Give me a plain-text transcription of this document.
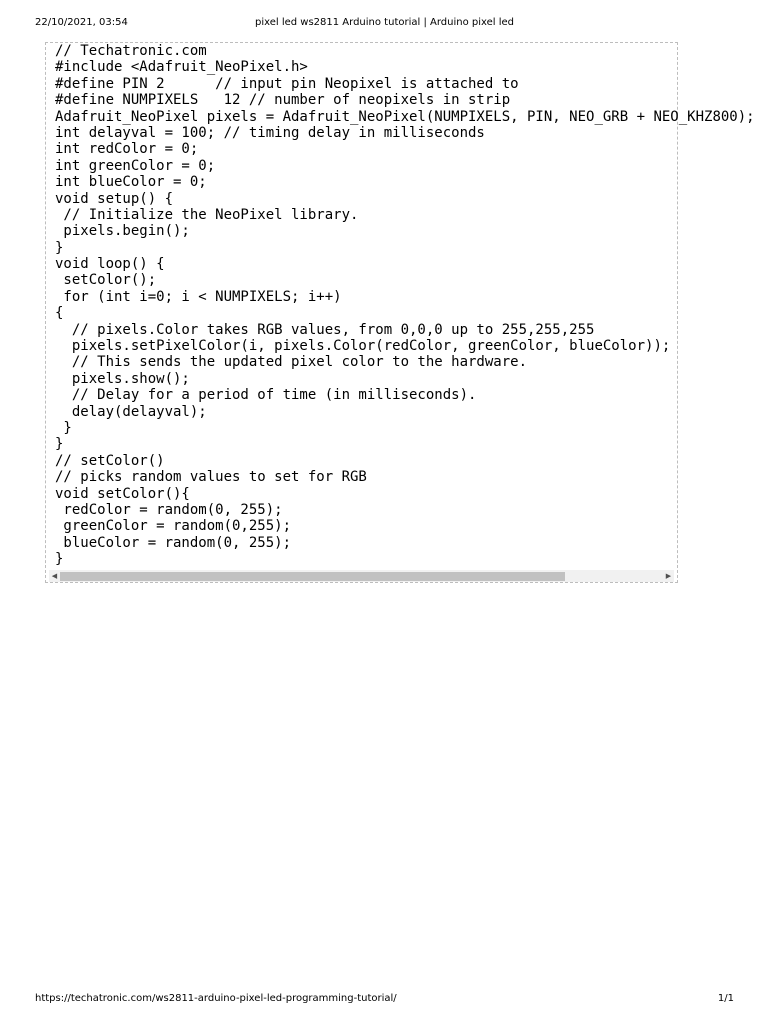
22/10/2021, 03:54	pixel led ws2811 Arduino tutorial | Arduino pixel led
// Techatronic.com
#include <Adafruit_NeoPixel.h>
#define PIN 2      // input pin Neopixel is attached to
#define NUMPIXELS   12 // number of neopixels in strip
Adafruit_NeoPixel pixels = Adafruit_NeoPixel(NUMPIXELS, PIN, NEO_GRB + NEO_KHZ800);
int delayval = 100; // timing delay in milliseconds
int redColor = 0;
int greenColor = 0;
int blueColor = 0;
void setup() {
// Initialize the NeoPixel library.
pixels.begin();
}
void loop() {
setColor();
for (int i=0; i < NUMPIXELS; i++)
{
// pixels.Color takes RGB values, from 0,0,0 up to 255,255,255
pixels.setPixelColor(i, pixels.Color(redColor, greenColor, blueColor));
// This sends the updated pixel color to the hardware.
pixels.show();
// Delay for a period of time (in milliseconds).
delay(delayval);
}
}
// setColor()
// picks random values to set for RGB
void setColor(){
redColor = random(0, 255);
greenColor = random(0,255);
blueColor = random(0, 255);
}
◀	▶
https://techatronic.com/ws2811-arduino-pixel-led-programming-tutorial/	1/1
